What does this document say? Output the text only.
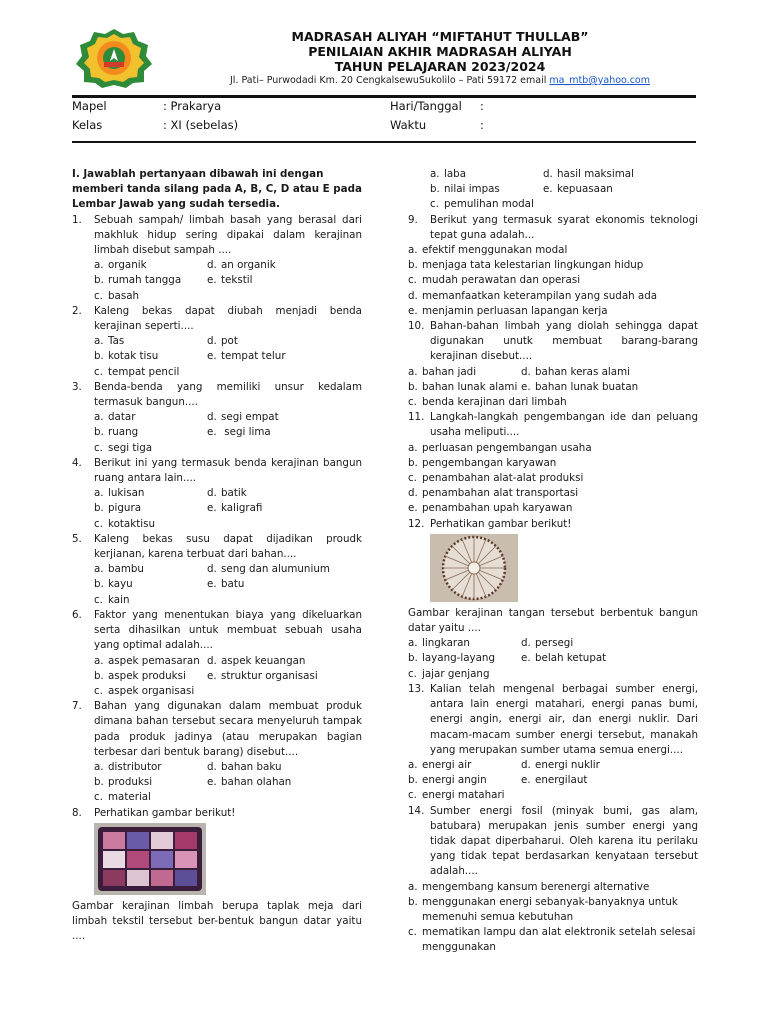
MADRASAH ALIYAH “MIFTAHUT THULLAB”
PENILAIAN AKHIR MADRASAH ALIYAH
TAHUN PELAJARAN 2023/2024
Jl. Pati– Purwodadi Km. 20 CengkalsewuSukolilo – Pati 59172 email ma_mtb@yahoo.com
Mapel	: Prakarya
Kelas	: XI (sebelas)
Hari/Tanggal :
Waktu	:
I. Jawablah pertanyaan dibawah ini dengan memberi tanda silang pada A, B, C, D atau E pada Lembar Jawab yang sudah tersedia.
1.	Sebuah sampah/ limbah basah yang berasal dari makhluk hidup sering dipakai dalam kerajinan limbah disebut sampah ....
a. organik	d. an organik
b. rumah tangga	e. tekstil
c. basah
2.	Kaleng bekas dapat diubah menjadi benda kerajinan seperti....
a. Tas	d. pot
b. kotak tisu	e. tempat telur
c. tempat pencil
3.	Benda-benda yang memiliki unsur kedalam termasuk bangun....
a. datar	d. segi empat
b. ruang	e. segi lima
c. segi tiga
4.	Berikut ini yang termasuk benda kerajinan bangun ruang antara lain....
a. lukisan	d. batik
b. pigura	e. kaligrafi
c. kotaktisu
5.	Kaleng bekas susu dapat dijadikan proudk kerjianan, karena terbuat dari bahan....
a. bambu	d. seng dan alumunium
b. kayu	e. batu
c. kain
6.	Faktor yang menentukan biaya yang dikeluarkan serta dihasilkan untuk membuat sebuah usaha yang optimal adalah....
a. aspek pemasaran d. aspek keuangan
b. aspek produksi	e. struktur organisasi
c. aspek organisasi
7.	Bahan yang digunakan dalam membuat produk dimana bahan tersebut secara menyeluruh tampak pada produk jadinya (atau merupakan bagian terbesar dari bentuk barang) disebut....
a. distributor	d. bahan baku
b. produksi	e. bahan olahan
c. material
8.	Perhatikan gambar berikut!
Gambar kerajinan limbah berupa taplak meja dari limbah tekstil tersebut ber-bentuk bangun datar yaitu ....
a. laba	d. hasil maksimal
b. nilai impas	e. kepuasaan
c. pemulihan modal
9.	Berikut yang termasuk syarat ekonomis teknologi tepat guna adalah...
a. efektif menggunakan modal
b. menjaga tata kelestarian lingkungan hidup
c. mudah perawatan dan operasi
d. memanfaatkan keterampilan yang sudah ada
e. menjamin perluasan lapangan kerja
10. Bahan-bahan limbah yang diolah sehingga dapat digunakan unutk membuat barang-barang kerajinan disebut....
a. bahan jadi	d. bahan keras alami
b. bahan lunak alami e. bahan lunak buatan
c. benda kerajinan dari limbah
11. Langkah-langkah pengembangan ide dan peluang usaha meliputi....
a. perluasan pengembangan usaha
b. pengembangan karyawan
c. penambahan alat-alat produksi
d. penambahan alat transportasi
e. penambahan upah karyawan
12. Perhatikan gambar berikut!
Gambar kerajinan tangan tersebut berbentuk bangun datar yaitu ....
a. lingkaran	d. persegi
b. layang-layang	e. belah ketupat
c. jajar genjang
13. Kalian telah mengenal berbagai sumber energi, antara lain energi matahari, energi panas bumi, energi angin, energi air, dan energi nuklir. Dari macam-macam sumber energi tersebut, manakah yang merupakan sumber utama semua energi....
a. energi air	d. energi nuklir
b. energi angin	e. energilaut
c. energi matahari
14. Sumber energi fosil (minyak bumi, gas alam, batubara) merupakan jenis sumber energi yang tidak dapat diperbaharui. Oleh karena itu perilaku yang tidak tepat berdasarkan kenyataan tersebut adalah....
a. mengembang kansum berenergi alternative
b. menggunakan energi sebanyak-banyaknya untuk memenuhi semua kebutuhan
c. mematikan lampu dan alat elektronik setelah selesai menggunakan
